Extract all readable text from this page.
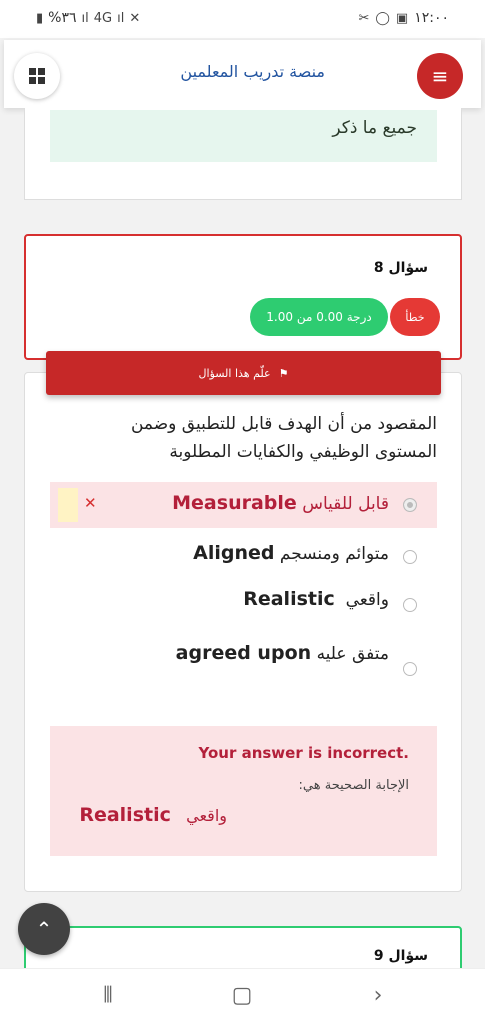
▮ %٣٦ ıl 4G ıl ✕	✂ ◯ ▣ ١٢:٠٠
≡
منصة تدريب المعلمين
جميع ما ذكر
سؤال 8
خطأ
درجة 0.00 من 1.00
⚑
علّم هذا السؤال
المقصود من أن الهدف قابل للتطبيق وضمن المستوى الوظيفي والكفايات المطلوبة
قابل للقياس Measurable
✕
متوائم ومنسجم Aligned
واقعي  Realistic
متفق عليه agreed upon
Your answer is incorrect.
الإجابة الصحيحة هي:
واقعي   Realistic
سؤال 9
⌃
⦀	▢	›
